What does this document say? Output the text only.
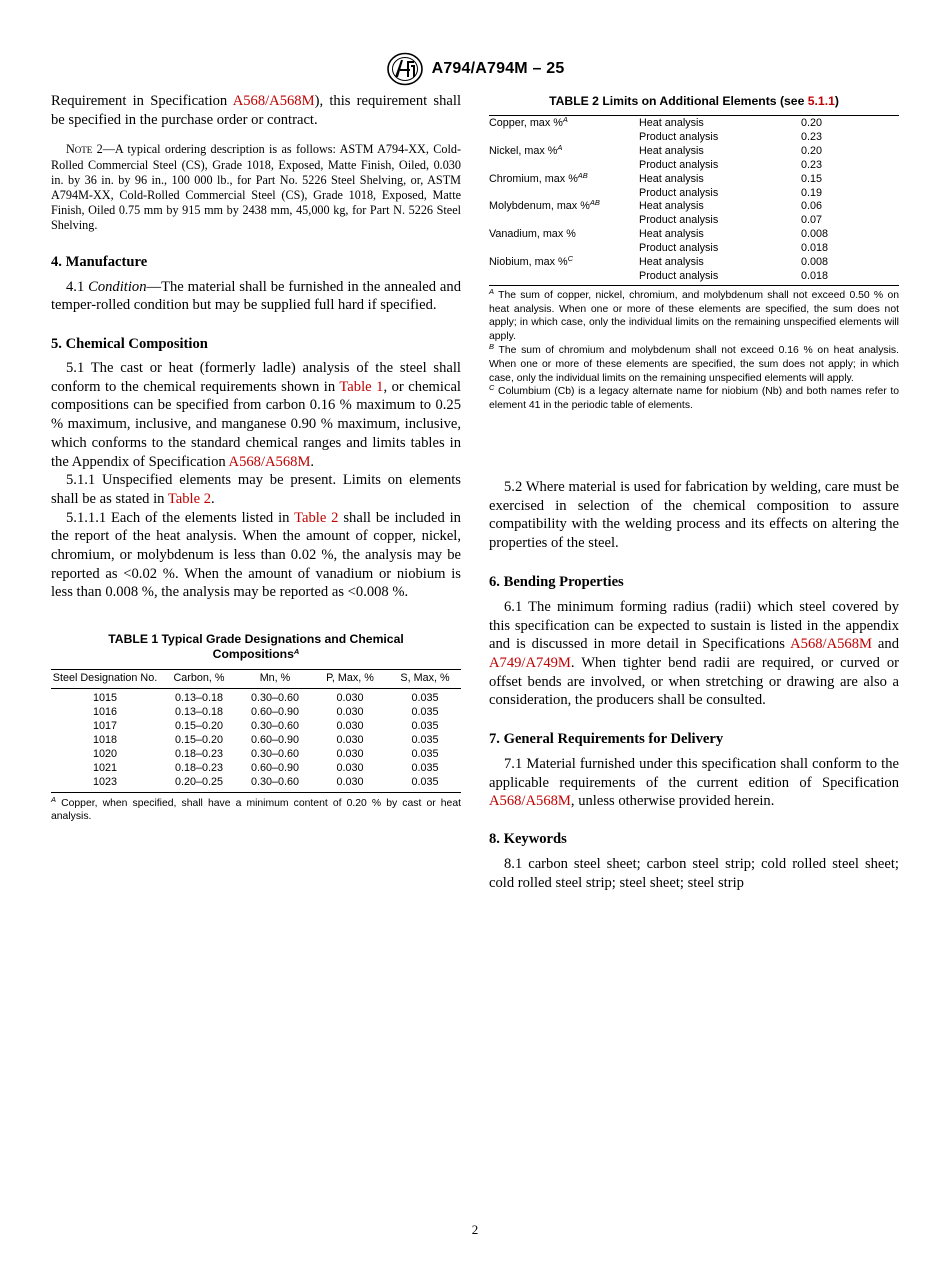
A794/A794M – 25

Requirement in Specification A568/A568M), this requirement shall be specified in the purchase order or contract.

Note 2—A typical ordering description is as follows: ASTM A794-XX, Cold-Rolled Commercial Steel (CS), Grade 1018, Exposed, Matte Finish, Oiled, 0.030 in. by 36 in. by 96 in., 100 000 lb., for Part No. 5226 Steel Shelving, or, ASTM A794M-XX, Cold-Rolled Commercial Steel (CS), Grade 1018, Exposed, Matte Finish, Oiled 0.75 mm by 915 mm by 2438 mm, 45,000 kg, for Part N. 5226 Steel Shelving.

4. Manufacture

4.1 Condition—The material shall be furnished in the annealed and temper-rolled condition but may be supplied full hard if specified.

5. Chemical Composition

5.1 The cast or heat (formerly ladle) analysis of the steel shall conform to the chemical requirements shown in Table 1, or chemical compositions can be specified from carbon 0.16 % maximum to 0.25 % maximum, inclusive, and manganese 0.90 % maximum, inclusive, which conforms to the standard chemical ranges and limits tables in the Appendix of Specification A568/A568M.

5.1.1 Unspecified elements may be present. Limits on elements shall be as stated in Table 2.

5.1.1.1 Each of the elements listed in Table 2 shall be included in the report of the heat analysis. When the amount of copper, nickel, chromium, or molybdenum is less than 0.02 %, the analysis may be reported as <0.02 %. When the amount of vanadium or niobium is less than 0.008 %, the analysis may be reported as <0.008 %.

TABLE 1 Typical Grade Designations and Chemical
Compositions$^A$

Steel Designation No.	Carbon, %	Mn, %	P, Max, %	S, Max, %
1015	0.13–0.18	0.30–0.60	0.030	0.035
1016	0.13–0.18	0.60–0.90	0.030	0.035
1017	0.15–0.20	0.30–0.60	0.030	0.035
1018	0.15–0.20	0.60–0.90	0.030	0.035
1020	0.18–0.23	0.30–0.60	0.030	0.035
1021	0.18–0.23	0.60–0.90	0.030	0.035
1023	0.20–0.25	0.30–0.60	0.030	0.035

$^A$ Copper, when specified, shall have a minimum content of 0.20 % by cast or heat analysis.

TABLE 2 Limits on Additional Elements (see 5.1.1)

Copper, max %$^A$	Heat analysis	0.20
	Product analysis	0.23
Nickel, max %$^A$	Heat analysis	0.20
	Product analysis	0.23
Chromium, max %$^{AB}$	Heat analysis	0.15
	Product analysis	0.19
Molybdenum, max %$^{AB}$	Heat analysis	0.06
	Product analysis	0.07
Vanadium, max %	Heat analysis	0.008
	Product analysis	0.018
Niobium, max %$^C$	Heat analysis	0.008
	Product analysis	0.018

$^A$ The sum of copper, nickel, chromium, and molybdenum shall not exceed 0.50 % on heat analysis. When one or more of these elements are specified, the sum does not apply; in which case, only the individual limits on the remaining unspecified elements will apply.

$^B$ The sum of chromium and molybdenum shall not exceed 0.16 % on heat analysis. When one or more of these elements are specified, the sum does not apply; in which case, only the individual limits on the remaining unspecified elements will apply.

$^C$ Columbium (Cb) is a legacy alternate name for niobium (Nb) and both names refer to element 41 in the periodic table of elements.

5.2 Where material is used for fabrication by welding, care must be exercised in selection of the chemical composition to assure compatibility with the welding process and its effects on altering the properties of the steel.

6. Bending Properties

6.1 The minimum forming radius (radii) which steel covered by this specification can be expected to sustain is listed in the appendix and is discussed in more detail in Specifications A568/A568M and A749/A749M. When tighter bend radii are required, or curved or offset bends are involved, or when stretching or drawing are also a consideration, the producers shall be consulted.

7. General Requirements for Delivery

7.1 Material furnished under this specification shall conform to the applicable requirements of the current edition of Specification A568/A568M, unless otherwise provided herein.

8. Keywords

8.1 carbon steel sheet; carbon steel strip; cold rolled steel sheet; cold rolled steel strip; steel sheet; steel strip

2
